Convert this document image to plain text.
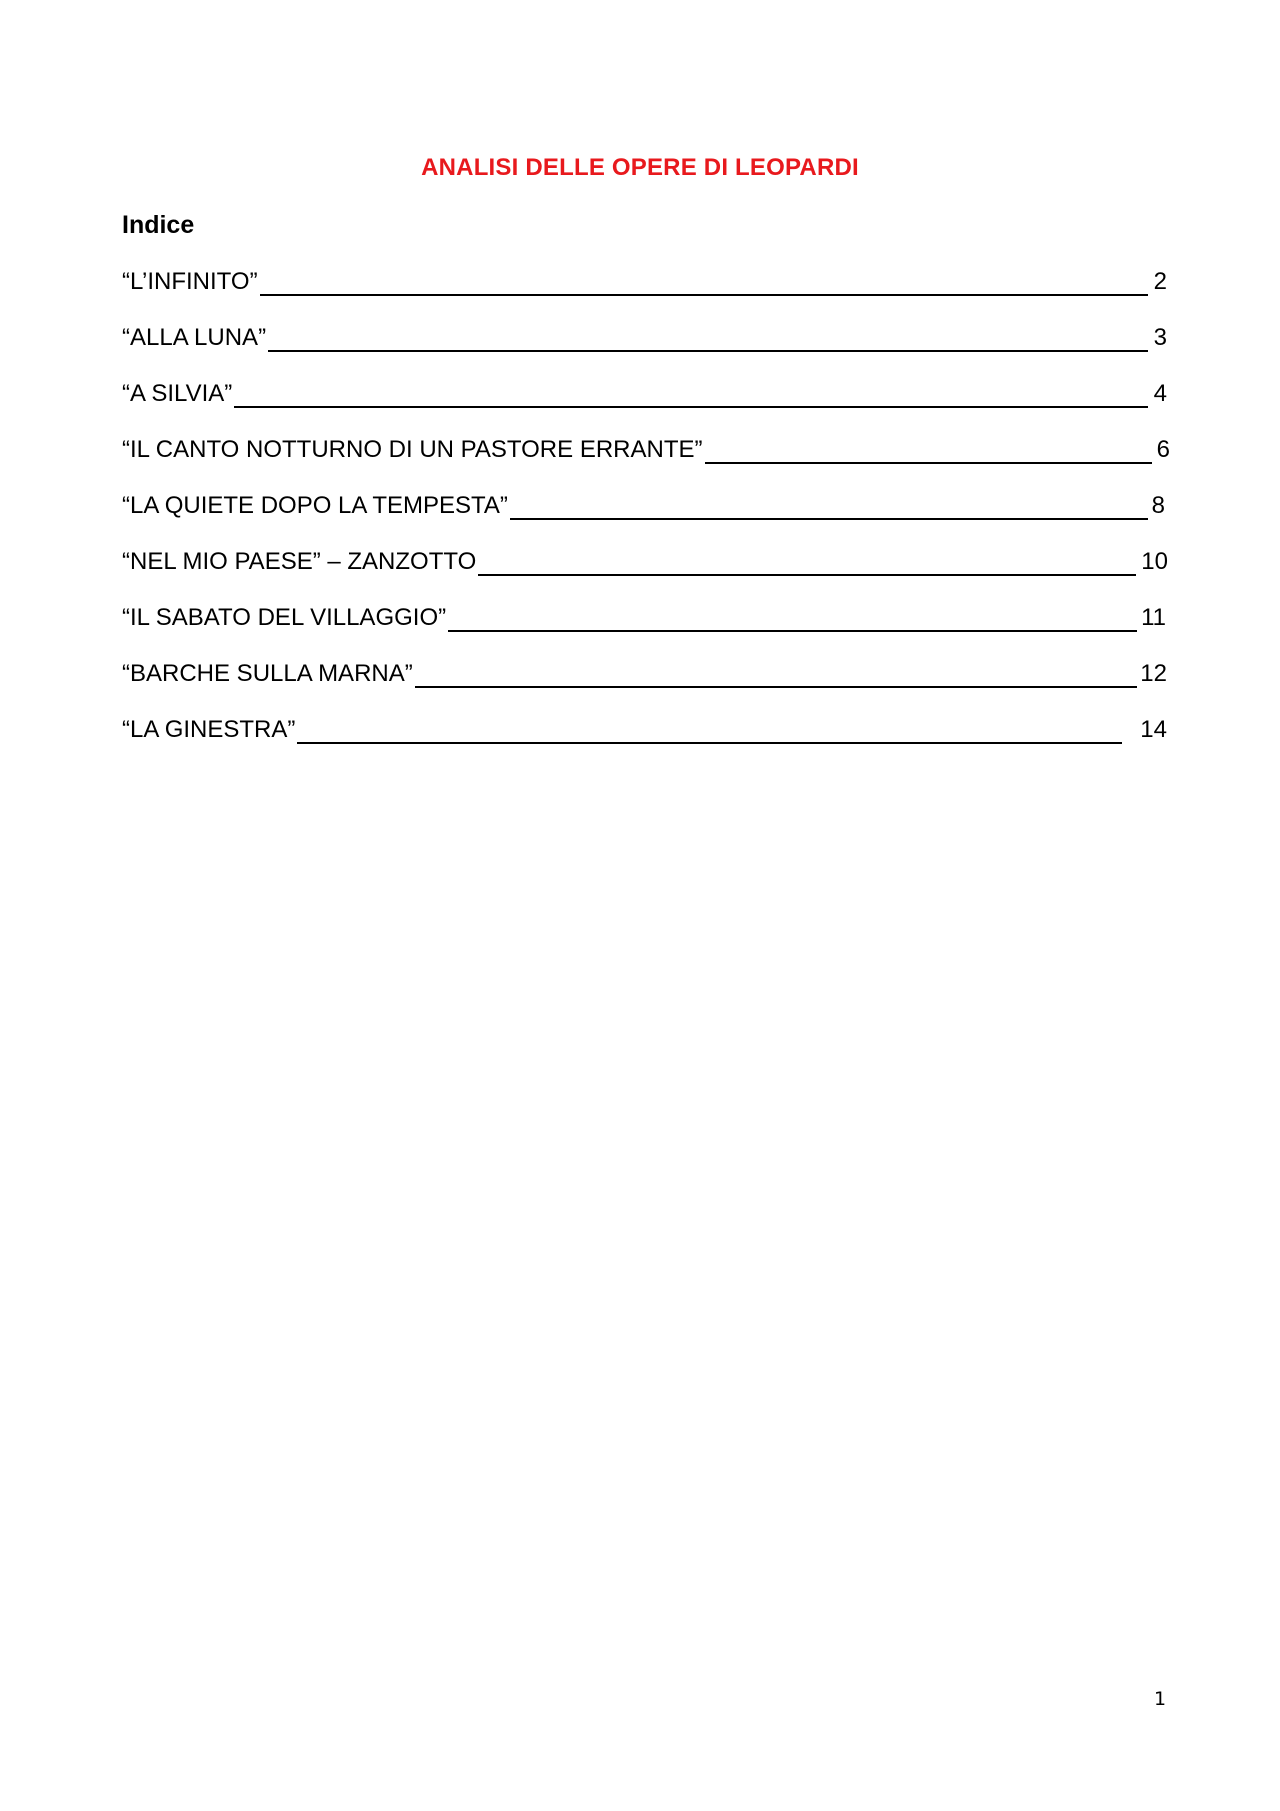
ANALISI DELLE OPERE DI LEOPARDI
Indice
“L’INFINITO”	2
“ALLA LUNA”	3
“A SILVIA”	4
“IL CANTO NOTTURNO DI UN PASTORE ERRANTE”	6
“LA QUIETE DOPO LA TEMPESTA”	8
“NEL MIO PAESE” – ZANZOTTO	10
“IL SABATO DEL VILLAGGIO”	11
“BARCHE SULLA MARNA”	12
“LA GINESTRA”	14
1
